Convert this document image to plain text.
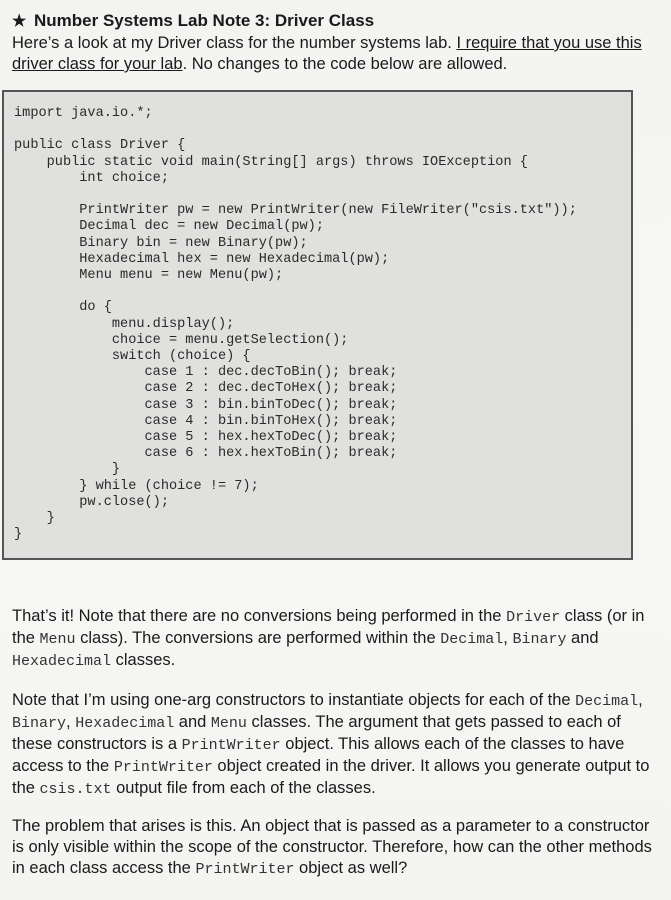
★ Number Systems Lab Note 3: Driver Class
Here’s a look at my Driver class for the number systems lab. I require that you use this driver class for your lab. No changes to the code below are allowed.
import java.io.*;

public class Driver {
public static void main(String[] args) throws IOException {
int choice;

PrintWriter pw = new PrintWriter(new FileWriter("csis.txt"));
Decimal dec = new Decimal(pw);
Binary bin = new Binary(pw);
Hexadecimal hex = new Hexadecimal(pw);
Menu menu = new Menu(pw);

do {
menu.display();
choice = menu.getSelection();
switch (choice) {
case 1 : dec.decToBin(); break;
case 2 : dec.decToHex(); break;
case 3 : bin.binToDec(); break;
case 4 : bin.binToHex(); break;
case 5 : hex.hexToDec(); break;
case 6 : hex.hexToBin(); break;
}
} while (choice != 7);
pw.close();
}
}
That’s it! Note that there are no conversions being performed in the Driver class (or in the Menu class). The conversions are performed within the Decimal, Binary and Hexadecimal classes.
Note that I’m using one-arg constructors to instantiate objects for each of the Decimal, Binary, Hexadecimal and Menu classes. The argument that gets passed to each of these constructors is a PrintWriter object. This allows each of the classes to have access to the PrintWriter object created in the driver. It allows you generate output to the csis.txt output file from each of the classes.
The problem that arises is this. An object that is passed as a parameter to a constructor is only visible within the scope of the constructor. Therefore, how can the other methods in each class access the PrintWriter object as well?
